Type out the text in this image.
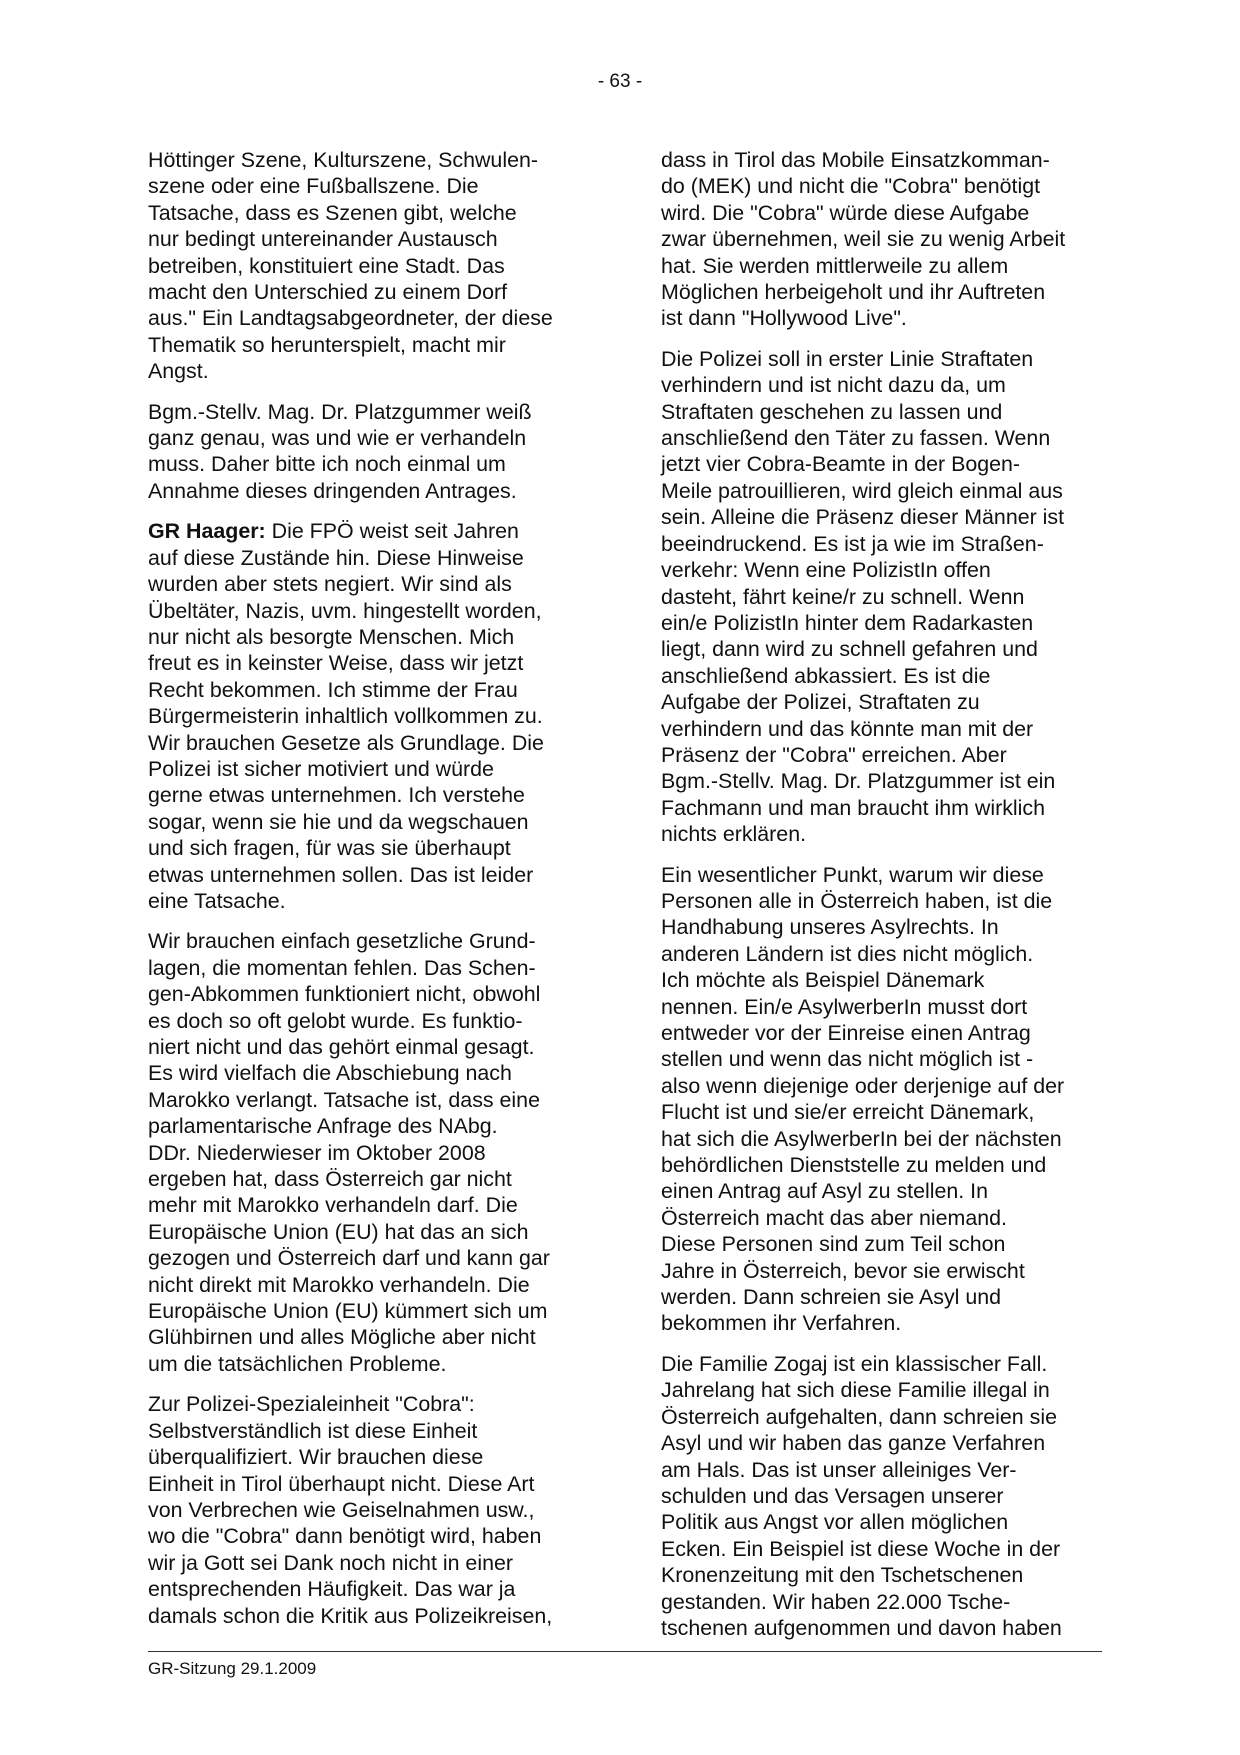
- 63 -
Höttinger Szene, Kulturszene, Schwulen-
szene oder eine Fußballszene. Die
Tatsache, dass es Szenen gibt, welche
nur bedingt untereinander Austausch
betreiben, konstituiert eine Stadt. Das
macht den Unterschied zu einem Dorf
aus." Ein Landtagsabgeordneter, der diese
Thematik so herunterspielt, macht mir
Angst.
Bgm.-Stellv. Mag. Dr. Platzgummer weiß
ganz genau, was und wie er verhandeln
muss. Daher bitte ich noch einmal um
Annahme dieses dringenden Antrages.
GR Haager: Die FPÖ weist seit Jahren
auf diese Zustände hin. Diese Hinweise
wurden aber stets negiert. Wir sind als
Übeltäter, Nazis, uvm. hingestellt worden,
nur nicht als besorgte Menschen. Mich
freut es in keinster Weise, dass wir jetzt
Recht bekommen. Ich stimme der Frau
Bürgermeisterin inhaltlich vollkommen zu.
Wir brauchen Gesetze als Grundlage. Die
Polizei ist sicher motiviert und würde
gerne etwas unternehmen. Ich verstehe
sogar, wenn sie hie und da wegschauen
und sich fragen, für was sie überhaupt
etwas unternehmen sollen. Das ist leider
eine Tatsache.
Wir brauchen einfach gesetzliche Grund-
lagen, die momentan fehlen. Das Schen-
gen-Abkommen funktioniert nicht, obwohl
es doch so oft gelobt wurde. Es funktio-
niert nicht und das gehört einmal gesagt.
Es wird vielfach die Abschiebung nach
Marokko verlangt. Tatsache ist, dass eine
parlamentarische Anfrage des NAbg.
DDr. Niederwieser im Oktober 2008
ergeben hat, dass Österreich gar nicht
mehr mit Marokko verhandeln darf. Die
Europäische Union (EU) hat das an sich
gezogen und Österreich darf und kann gar
nicht direkt mit Marokko verhandeln. Die
Europäische Union (EU) kümmert sich um
Glühbirnen und alles Mögliche aber nicht
um die tatsächlichen Probleme.
Zur Polizei-Spezialeinheit "Cobra":
Selbstverständlich ist diese Einheit
überqualifiziert. Wir brauchen diese
Einheit in Tirol überhaupt nicht. Diese Art
von Verbrechen wie Geiselnahmen usw.,
wo die "Cobra" dann benötigt wird, haben
wir ja Gott sei Dank noch nicht in einer
entsprechenden Häufigkeit. Das war ja
damals schon die Kritik aus Polizeikreisen,
dass in Tirol das Mobile Einsatzkomman-
do (MEK) und nicht die "Cobra" benötigt
wird. Die "Cobra" würde diese Aufgabe
zwar übernehmen, weil sie zu wenig Arbeit
hat. Sie werden mittlerweile zu allem
Möglichen herbeigeholt und ihr Auftreten
ist dann "Hollywood Live".
Die Polizei soll in erster Linie Straftaten
verhindern und ist nicht dazu da, um
Straftaten geschehen zu lassen und
anschließend den Täter zu fassen. Wenn
jetzt vier Cobra-Beamte in der Bogen-
Meile patrouillieren, wird gleich einmal aus
sein. Alleine die Präsenz dieser Männer ist
beeindruckend. Es ist ja wie im Straßen-
verkehr: Wenn eine PolizistIn offen
dasteht, fährt keine/r zu schnell. Wenn
ein/e PolizistIn hinter dem Radarkasten
liegt, dann wird zu schnell gefahren und
anschließend abkassiert. Es ist die
Aufgabe der Polizei, Straftaten zu
verhindern und das könnte man mit der
Präsenz der "Cobra" erreichen. Aber
Bgm.-Stellv. Mag. Dr. Platzgummer ist ein
Fachmann und man braucht ihm wirklich
nichts erklären.
Ein wesentlicher Punkt, warum wir diese
Personen alle in Österreich haben, ist die
Handhabung unseres Asylrechts. In
anderen Ländern ist dies nicht möglich.
Ich möchte als Beispiel Dänemark
nennen. Ein/e AsylwerberIn musst dort
entweder vor der Einreise einen Antrag
stellen und wenn das nicht möglich ist -
also wenn diejenige oder derjenige auf der
Flucht ist und sie/er erreicht Dänemark,
hat sich die AsylwerberIn bei der nächsten
behördlichen Dienststelle zu melden und
einen Antrag auf Asyl zu stellen. In
Österreich macht das aber niemand.
Diese Personen sind zum Teil schon
Jahre in Österreich, bevor sie erwischt
werden. Dann schreien sie Asyl und
bekommen ihr Verfahren.
Die Familie Zogaj ist ein klassischer Fall.
Jahrelang hat sich diese Familie illegal in
Österreich aufgehalten, dann schreien sie
Asyl und wir haben das ganze Verfahren
am Hals. Das ist unser alleiniges Ver-
schulden und das Versagen unserer
Politik aus Angst vor allen möglichen
Ecken. Ein Beispiel ist diese Woche in der
Kronenzeitung mit den Tschetschenen
gestanden. Wir haben 22.000 Tsche-
tschenen aufgenommen und davon haben
GR-Sitzung 29.1.2009
